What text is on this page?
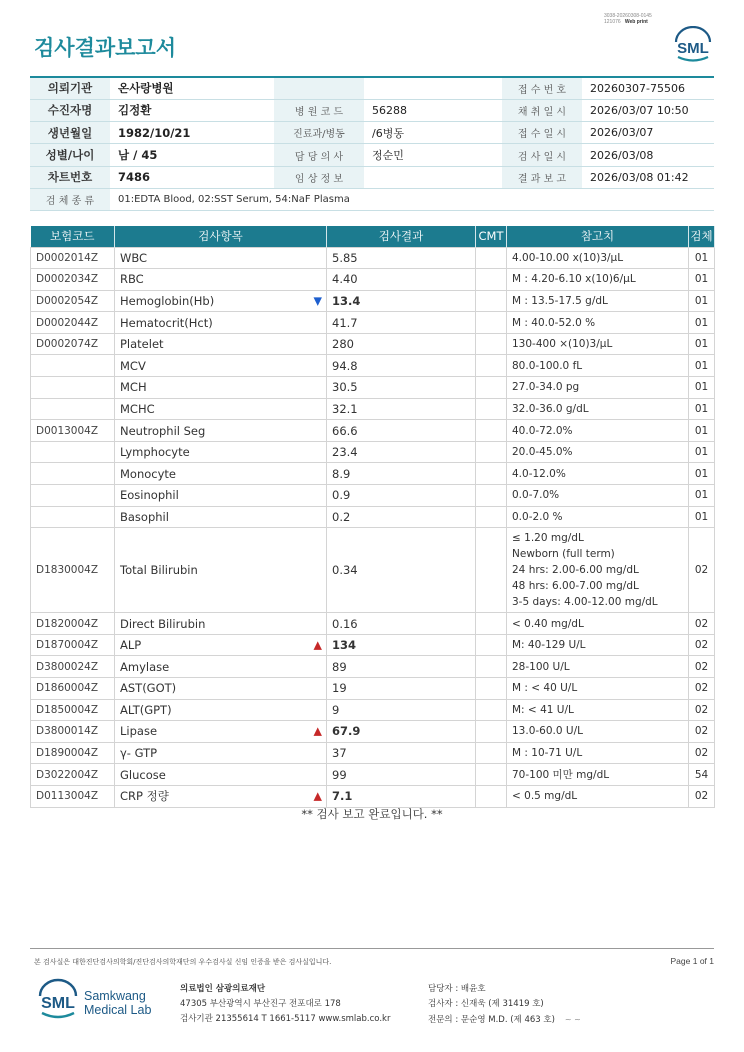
3038-20260308-0145
121076 Web print
검사결과보고서	SML
의뢰기관	온사랑병원			접 수 번 호	20260307-75506
수진자명	김정환	병 원 코 드	56288	채 취 일 시	2026/03/07 10:50
생년월일	1982/10/21	진료과/병동	/6병동	접 수 일 시	2026/03/07
성별/나이	남 / 45	담 당 의 사	정순민	검 사 일 시	2026/03/08
차트번호	7486	임 상 정 보		결 과 보 고	2026/03/08 01:42
검 체 종 류	01:EDTA Blood, 02:SST Serum, 54:NaF Plasma				
보험코드	검사항목	검사결과	CMT	참고치	검체
D0002014Z	WBC	5.85		4.00-10.00 x(10)3/μL	01
D0002034Z	RBC	4.40		M : 4.20-6.10 x(10)6/μL	01
D0002054Z	Hemoglobin(Hb) ▼	13.4		M : 13.5-17.5 g/dL	01
D0002044Z	Hematocrit(Hct)	41.7		M : 40.0-52.0 %	01
D0002074Z	Platelet	280		130-400 ×(10)3/μL	01
	MCV	94.8		80.0-100.0 fL	01
	MCH	30.5		27.0-34.0 pg	01
	MCHC	32.1		32.0-36.0 g/dL	01
D0013004Z	Neutrophil Seg	66.6		40.0-72.0%	01
	Lymphocyte	23.4		20.0-45.0%	01
	Monocyte	8.9		4.0-12.0%	01
	Eosinophil	0.9		0.0-7.0%	01
	Basophil	0.2		0.0-2.0 %	01
D1830004Z	Total Bilirubin	0.34		≤ 1.20 mg/dL
Newborn (full term)
24 hrs: 2.00-6.00 mg/dL
48 hrs: 6.00-7.00 mg/dL
3-5 days: 4.00-12.00 mg/dL	02
D1820004Z	Direct Bilirubin	0.16		< 0.40 mg/dL	02
D1870004Z	ALP ▲	134		M: 40-129 U/L	02
D3800024Z	Amylase	89		28-100 U/L	02
D1860004Z	AST(GOT)	19		M : < 40 U/L	02
D1850004Z	ALT(GPT)	9		M: < 41 U/L	02
D3800014Z	Lipase ▲	67.9		13.0-60.0 U/L	02
D1890004Z	γ- GTP	37		M : 10-71 U/L	02
D3022004Z	Glucose	99		70-100 미만 mg/dL	54
D0113004Z	CRP 정량 ▲	7.1		< 0.5 mg/dL	02
** 검사 보고 완료입니다. **
본 검사실은 대한진단검사의학회/진단검사의학재단의 우수검사실 신임 인증을 받은 검사실입니다.	Page 1 of 1
SML Samkwang
Medical Lab
의료법인 삼광의료재단
47305 부산광역시 부산진구 전포대로 178
검사기관 21355614 T 1661-5117 www.smlab.co.kr
담당자 : 배윤호
검사자 : 신재욱 (제 31419 호)
전문의 : 문순영 M.D. (제 463 호) ~ ~
